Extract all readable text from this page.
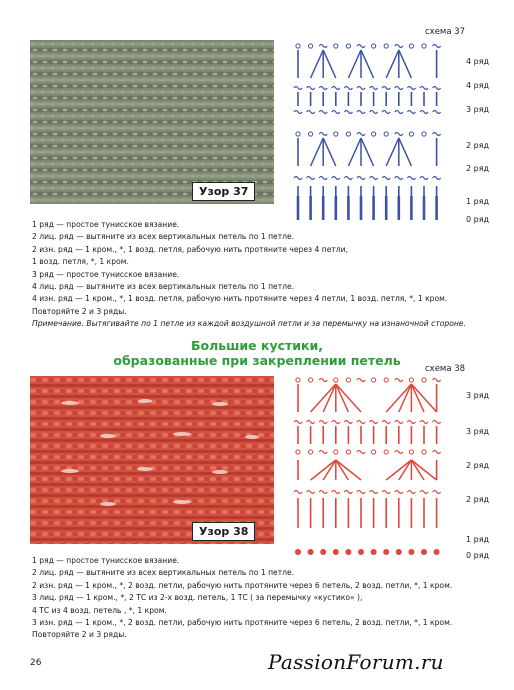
Узор 37
схема 37
4 ряд
4 ряд
3 ряд
2 ряд
2 ряд
1 ряд
0 ряд
1 ряд — простое тунисское вязание.
2 лиц. ряд — вытяните из всех вертикальных петель по 1 петле.
2 изн. ряд — 1 кром., *, 1 возд. петля, рабочую нить протяните через 4 петли,
1 возд. петля, *, 1 кром.
3 ряд — простое тунисское вязание.
4 лиц. ряд — вытяните из всех вертикальных петель по 1 петле.
4 изн. ряд — 1 кром., *, 1 возд. петля, рабочую нить протяните через 4 петли, 1 возд. петля, *, 1 кром.
Повторяйте 2 и 3 ряды.
Примечание. Вытягивайте по 1 петле из каждой воздушной петли и за перемычку на изнаночной стороне.
Большие кустики,
образованные при закреплении петель
Узор 38
схема 38
3 ряд
3 ряд
2 ряд
2 ряд
1 ряд
0 ряд
1 ряд — простое тунисское вязание.
2 лиц. ряд — вытяните из всех вертикальных петель по 1 петле.
2 изн. ряд — 1 кром., *, 2 возд. петли, рабочую нить протяните через 6 петель, 2 возд. петли, *, 1 кром.
3 лиц. ряд — 1 кром., *, 2 ТС из 2-х возд. петель, 1 ТС ( за перемычку «кустико» ),
4 ТС из 4 возд. петель , *, 1 кром.
3 изн. ряд — 1 кром., *, 2 возд. петли, рабочую нить протяните через 6 петель, 2 возд. петли, *, 1 кром.
Повторяйте 2 и 3 ряды.
26	PassionForum.ru
